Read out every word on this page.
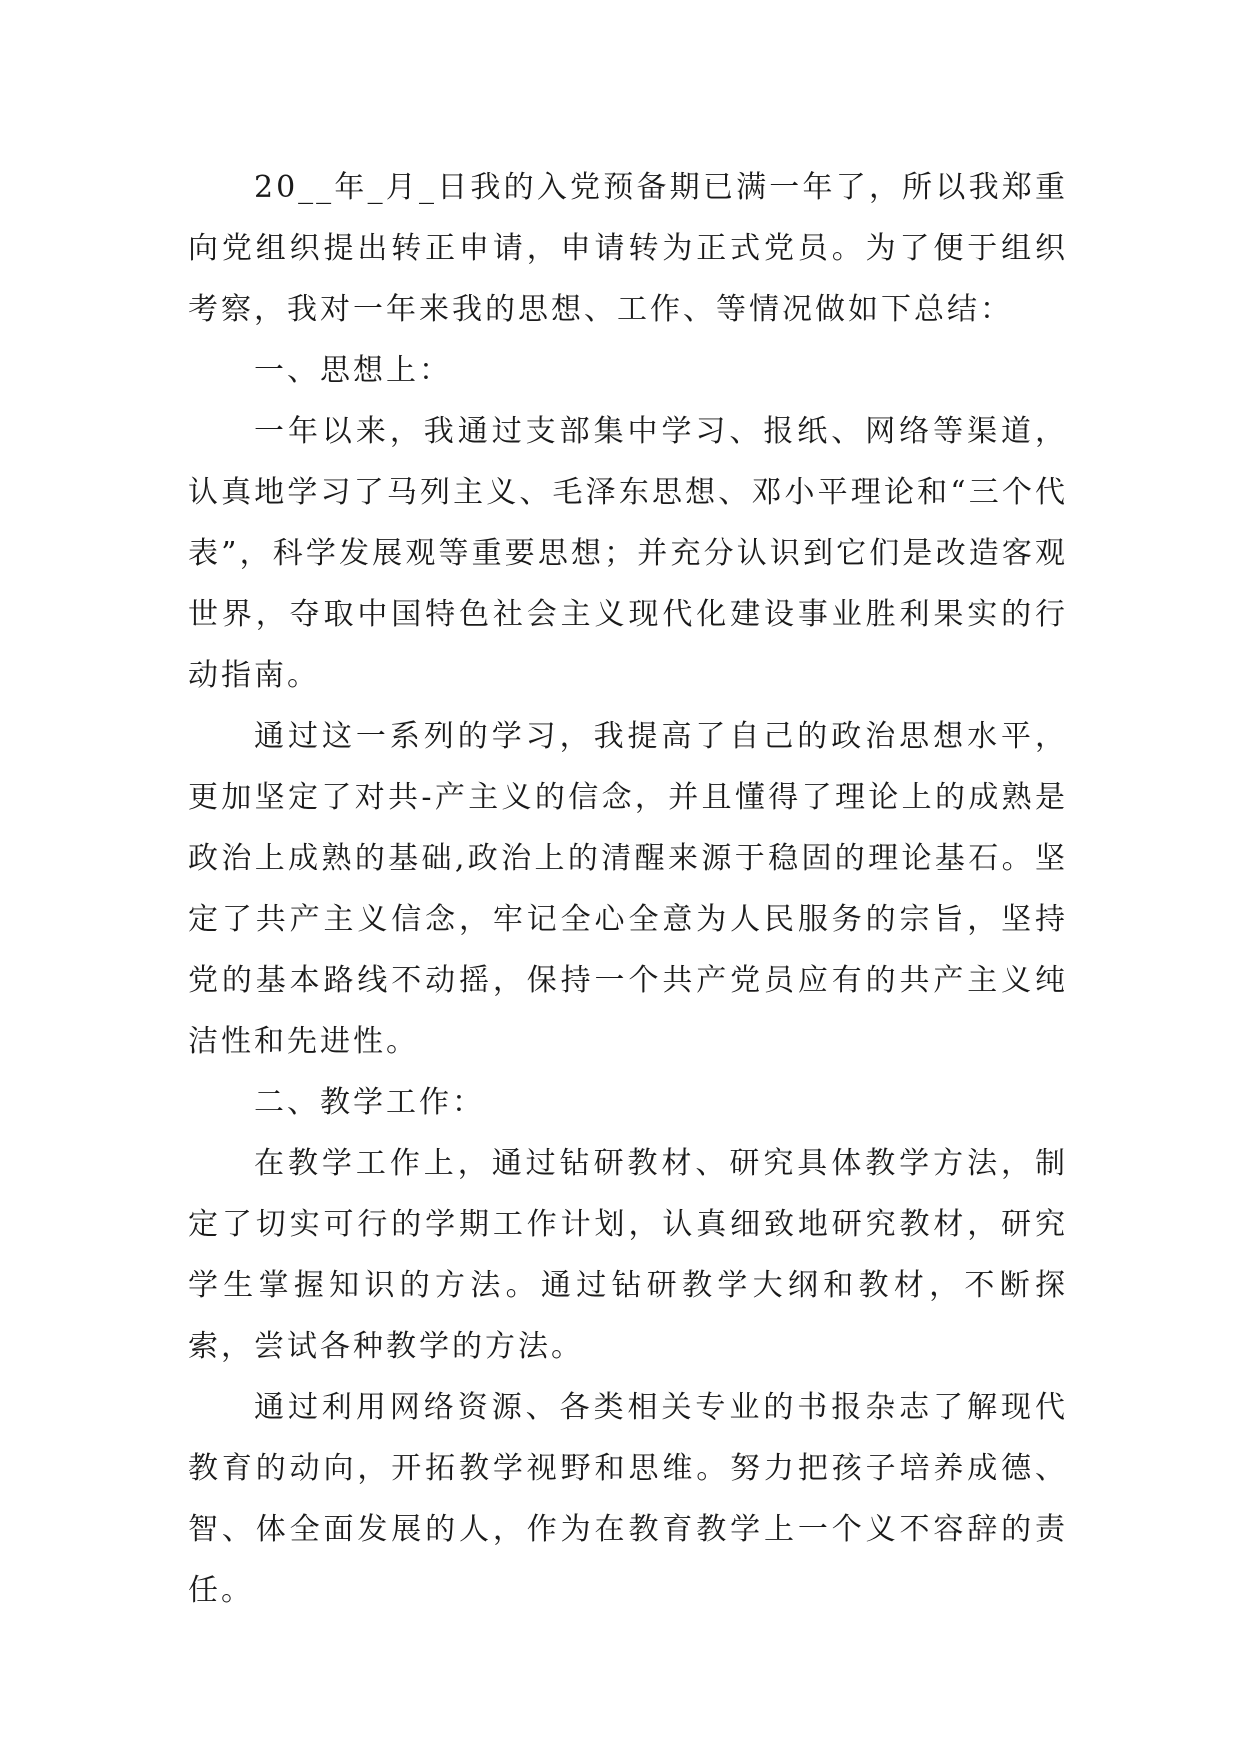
20__年_月_日我的入党预备期已满一年了，所以我郑重向党组织提出转正申请，申请转为正式党员。为了便于组织考察，我对一年来我的思想、工作、等情况做如下总结：

一、思想上：

一年以来，我通过支部集中学习、报纸、网络等渠道，认真地学习了马列主义、毛泽东思想、邓小平理论和“三个代表”，科学发展观等重要思想；并充分认识到它们是改造客观世界，夺取中国特色社会主义现代化建设事业胜利果实的行动指南。

通过这一系列的学习，我提高了自己的政治思想水平，更加坚定了对共-产主义的信念，并且懂得了理论上的成熟是政治上成熟的基础,政治上的清醒来源于稳固的理论基石。坚定了共产主义信念，牢记全心全意为人民服务的宗旨，坚持党的基本路线不动摇，保持一个共产党员应有的共产主义纯洁性和先进性。

二、教学工作：

在教学工作上，通过钻研教材、研究具体教学方法，制定了切实可行的学期工作计划，认真细致地研究教材，研究学生掌握知识的方法。通过钻研教学大纲和教材，不断探索，尝试各种教学的方法。

通过利用网络资源、各类相关专业的书报杂志了解现代教育的动向，开拓教学视野和思维。努力把孩子培养成德、智、体全面发展的人，作为在教育教学上一个义不容辞的责任。
